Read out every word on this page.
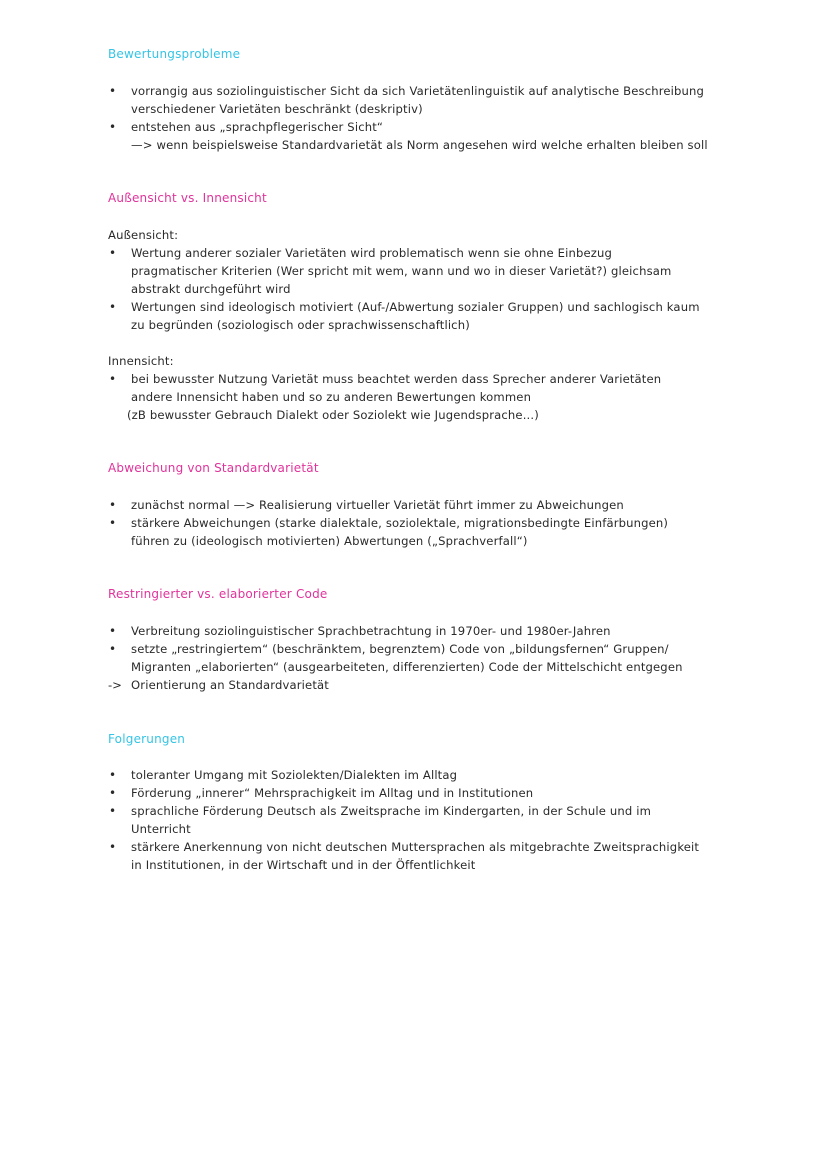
Bewertungsprobleme
• vorrangig aus soziolinguistischer Sicht da sich Varietätenlinguistik auf analytische Beschreibung
verschiedener Varietäten beschränkt (deskriptiv)
• entstehen aus „sprachpflegerischer Sicht“
—> wenn beispielsweise Standardvarietät als Norm angesehen wird welche erhalten bleiben soll
Außensicht vs. Innensicht
Außensicht:
• Wertung anderer sozialer Varietäten wird problematisch wenn sie ohne Einbezug
pragmatischer Kriterien (Wer spricht mit wem, wann und wo in dieser Varietät?) gleichsam
abstrakt durchgeführt wird
• Wertungen sind ideologisch motiviert (Auf-/Abwertung sozialer Gruppen) und sachlogisch kaum
zu begründen (soziologisch oder sprachwissenschaftlich)
Innensicht:
• bei bewusster Nutzung Varietät muss beachtet werden dass Sprecher anderer Varietäten
andere Innensicht haben und so zu anderen Bewertungen kommen
(zB bewusster Gebrauch Dialekt oder Soziolekt wie Jugendsprache...)
Abweichung von Standardvarietät
• zunächst normal —> Realisierung virtueller Varietät führt immer zu Abweichungen
• stärkere Abweichungen (starke dialektale, soziolektale, migrationsbedingte Einfärbungen)
führen zu (ideologisch motivierten) Abwertungen („Sprachverfall“)
Restringierter vs. elaborierter Code
• Verbreitung soziolinguistischer Sprachbetrachtung in 1970er- und 1980er-Jahren
• setzte „restringiertem“ (beschränktem, begrenztem) Code von „bildungsfernen“ Gruppen/
Migranten „elaborierten“ (ausgearbeiteten, differenzierten) Code der Mittelschicht entgegen
-> Orientierung an Standardvarietät
Folgerungen
• toleranter Umgang mit Soziolekten/Dialekten im Alltag
• Förderung „innerer“ Mehrsprachigkeit im Alltag und in Institutionen
• sprachliche Förderung Deutsch als Zweitsprache im Kindergarten, in der Schule und im
Unterricht
• stärkere Anerkennung von nicht deutschen Muttersprachen als mitgebrachte Zweitsprachigkeit
in Institutionen, in der Wirtschaft und in der Öffentlichkeit
